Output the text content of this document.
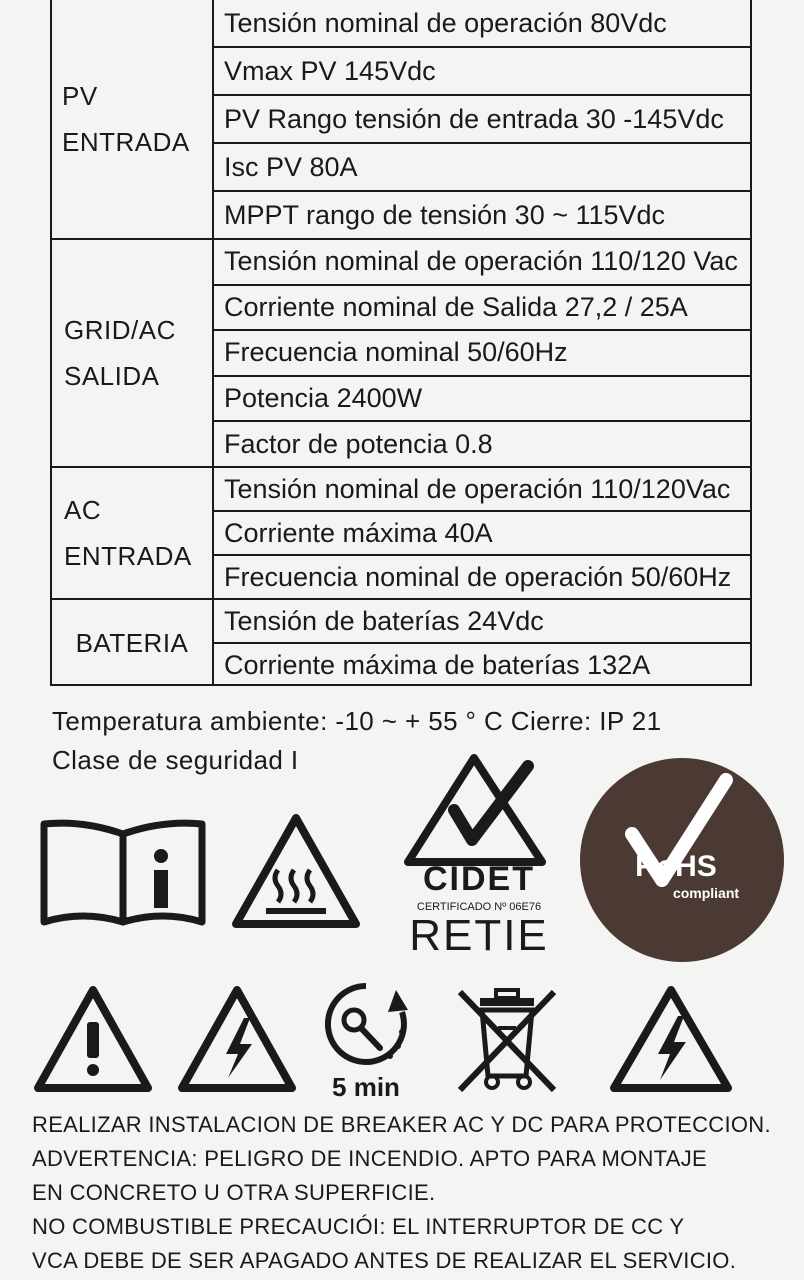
PV
ENTRADA
Tensión nominal de operación 80Vdc
Vmax PV 145Vdc
PV Rango tensión de entrada 30 -145Vdc
Isc PV 80A
MPPT rango de tensión 30 ~ 115Vdc
GRID/AC
SALIDA
Tensión nominal de operación 110/120 Vac
Corriente nominal de Salida 27,2 / 25A
Frecuencia nominal 50/60Hz
Potencia 2400W
Factor de potencia 0.8
AC
ENTRADA
Tensión nominal de operación 110/120Vac
Corriente máxima 40A
Frecuencia nominal de operación 50/60Hz
BATERIA
Tensión de baterías 24Vdc
Corriente máxima de baterías 132A
Temperatura ambiente: -10 ~ + 55 ° C Cierre: IP 21
Clase de seguridad I
CIDET
CERTIFICADO Nº 06E76
RETIE
RoHS
compliant
5 min
REALIZAR INSTALACION DE BREAKER AC Y DC PARA PROTECCION.
ADVERTENCIA: PELIGRO DE INCENDIO. APTO PARA MONTAJE
EN CONCRETO U OTRA SUPERFICIE.
NO COMBUSTIBLE PRECAUCIÓI: EL INTERRUPTOR DE CC Y
VCA DEBE DE SER APAGADO ANTES DE REALIZAR EL SERVICIO.
